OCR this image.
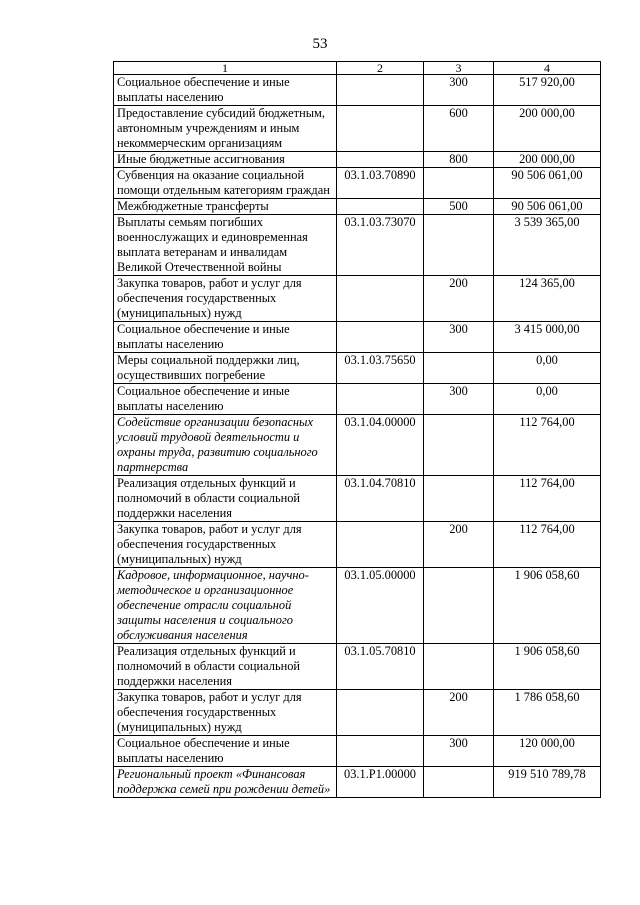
53
1	2	3	4
Социальное обеспечение и иные выплаты населению		300	517 920,00
Предоставление субсидий бюджетным, автономным учреждениям и иным некоммерческим организациям		600	200 000,00
Иные бюджетные ассигнования		800	200 000,00
Субвенция на оказание социальной помощи отдельным категориям граждан	03.1.03.70890		90 506 061,00
Межбюджетные трансферты		500	90 506 061,00
Выплаты семьям погибших военнослужащих и единовременная выплата ветеранам и инвалидам Великой Отечественной войны	03.1.03.73070		3 539 365,00
Закупка товаров, работ и услуг для обеспечения государственных (муниципальных) нужд		200	124 365,00
Социальное обеспечение и иные выплаты населению		300	3 415 000,00
Меры социальной поддержки лиц, осуществивших погребение	03.1.03.75650		0,00
Социальное обеспечение и иные выплаты населению		300	0,00
Содействие организации безопасных условий трудовой деятельности и охраны труда, развитию социального партнерства	03.1.04.00000		112 764,00
Реализация отдельных функций и полномочий в области социальной поддержки населения	03.1.04.70810		112 764,00
Закупка товаров, работ и услуг для обеспечения государственных (муниципальных) нужд		200	112 764,00
Кадровое, информационное, научно-методическое и организационное обеспечение отрасли социальной защиты населения и социального обслуживания населения	03.1.05.00000		1 906 058,60
Реализация отдельных функций и полномочий в области социальной поддержки населения	03.1.05.70810		1 906 058,60
Закупка товаров, работ и услуг для обеспечения государственных (муниципальных) нужд		200	1 786 058,60
Социальное обеспечение и иные выплаты населению		300	120 000,00
Региональный проект «Финансовая поддержка семей при рождении детей»	03.1.P1.00000		919 510 789,78
